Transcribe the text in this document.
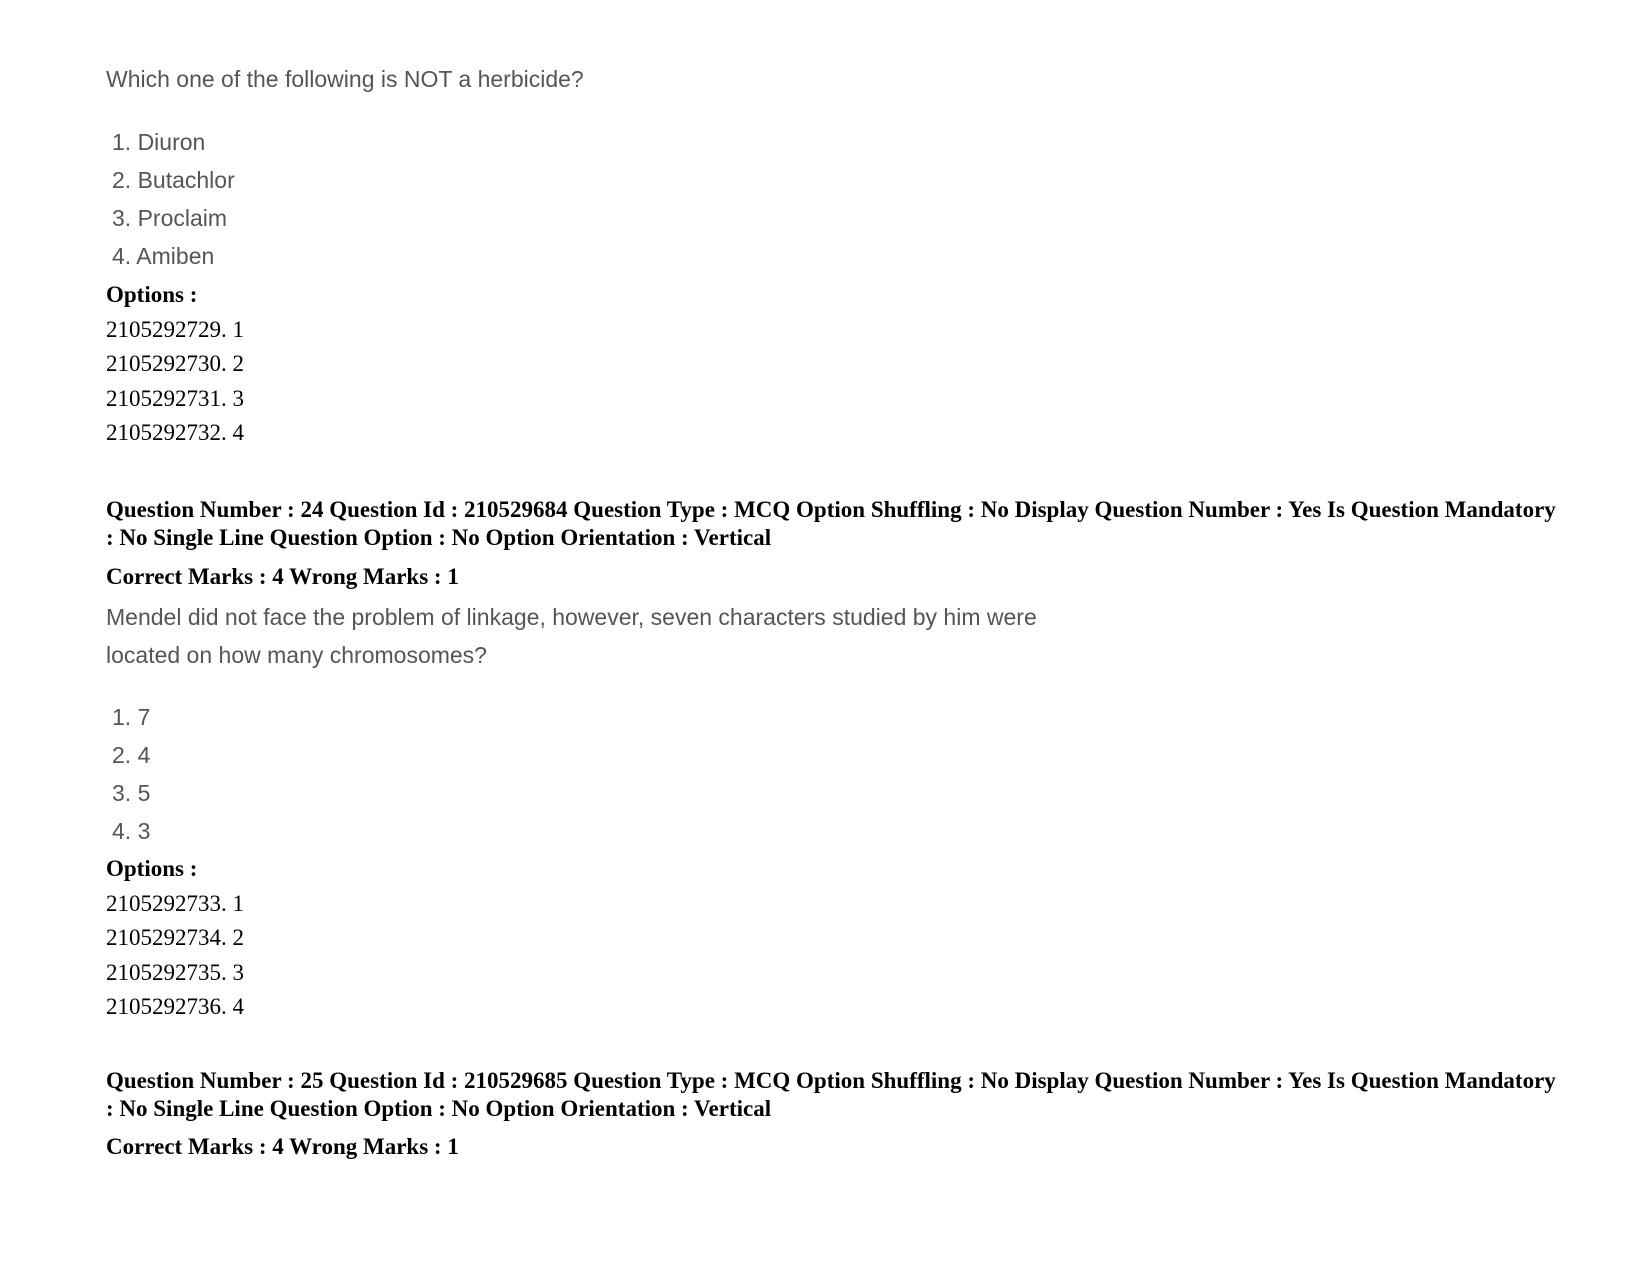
Which one of the following is NOT a herbicide?

1. Diuron
2. Butachlor
3. Proclaim
4. Amiben
Options :
2105292729. 1
2105292730. 2
2105292731. 3
2105292732. 4

Question Number : 24 Question Id : 210529684 Question Type : MCQ Option Shuffling : No Display Question Number : Yes Is Question Mandatory : No Single Line Question Option : No Option Orientation : Vertical

Correct Marks : 4 Wrong Marks : 1
Mendel did not face the problem of linkage, however, seven characters studied by him were
located on how many chromosomes?
1. 7
2. 4
3. 5
4. 3
Options :
2105292733. 1
2105292734. 2
2105292735. 3
2105292736. 4

Question Number : 25 Question Id : 210529685 Question Type : MCQ Option Shuffling : No Display Question Number : Yes Is Question Mandatory : No Single Line Question Option : No Option Orientation : Vertical

Correct Marks : 4 Wrong Marks : 1
